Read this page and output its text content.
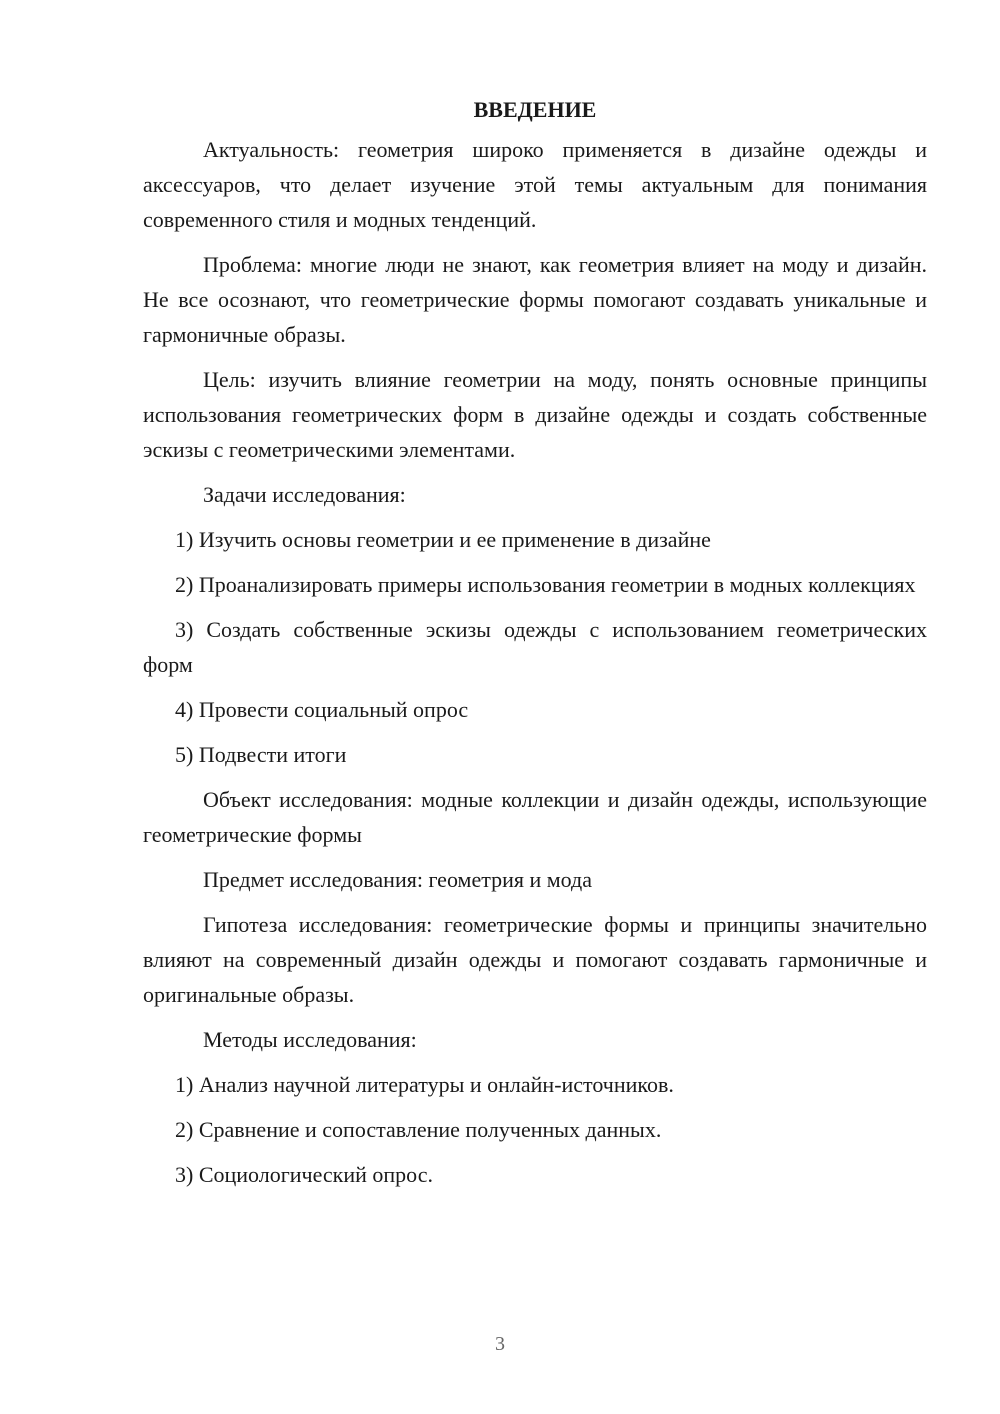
ВВЕДЕНИЕ
Актуальность: геометрия широко применяется в дизайне одежды и аксессуаров, что делает изучение этой темы актуальным для понимания современного стиля и модных тенденций.
Проблема: многие люди не знают, как геометрия влияет на моду и дизайн. Не все осознают, что геометрические формы помогают создавать уникальные и гармоничные образы.
Цель: изучить влияние геометрии на моду, понять основные принципы использования геометрических форм в дизайне одежды и создать собственные эскизы с геометрическими элементами.
Задачи исследования:
1) Изучить основы геометрии и ее применение в дизайне
2) Проанализировать примеры использования геометрии в модных коллекциях
3) Создать собственные эскизы одежды с использованием геометрических форм
4) Провести социальный опрос
5) Подвести итоги
Объект исследования: модные коллекции и дизайн одежды, использующие геометрические формы
Предмет исследования: геометрия и мода
Гипотеза исследования: геометрические формы и принципы значительно влияют на современный дизайн одежды и помогают создавать гармоничные и оригинальные образы.
Методы исследования:
1) Анализ научной литературы и онлайн-источников.
2) Сравнение и сопоставление полученных данных.
3) Социологический опрос.
3
